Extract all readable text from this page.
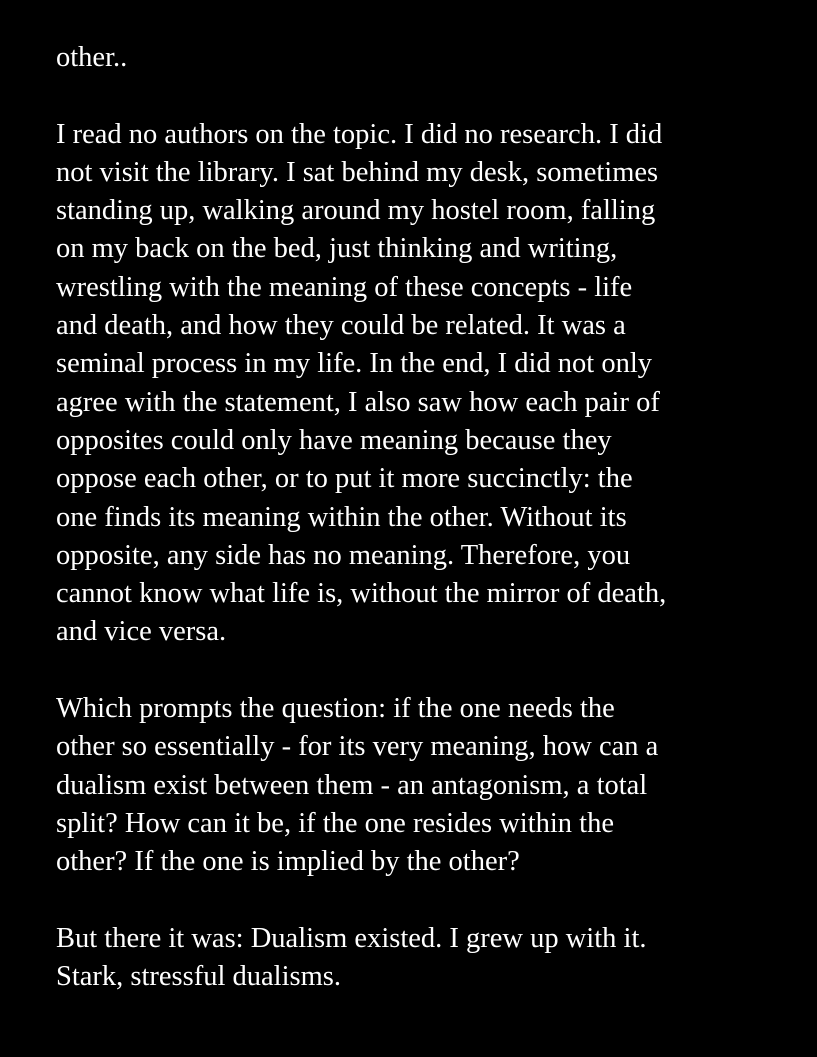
other..

I read no authors on the topic. I did no research. I did
not visit the library. I sat behind my desk, sometimes
standing up, walking around my hostel room, falling
on my back on the bed, just thinking and writing,
wrestling with the meaning of these concepts - life
and death, and how they could be related. It was a
seminal process in my life. In the end, I did not only
agree with the statement, I also saw how each pair of
opposites could only have meaning because they
oppose each other, or to put it more succinctly: the
one finds its meaning within the other. Without its
opposite, any side has no meaning. Therefore, you
cannot know what life is, without the mirror of death,
and vice versa.

Which prompts the question: if the one needs the
other so essentially - for its very meaning, how can a
dualism exist between them - an antagonism, a total
split? How can it be, if the one resides within the
other? If the one is implied by the other?

But there it was: Dualism existed. I grew up with it.
Stark, stressful dualisms.
